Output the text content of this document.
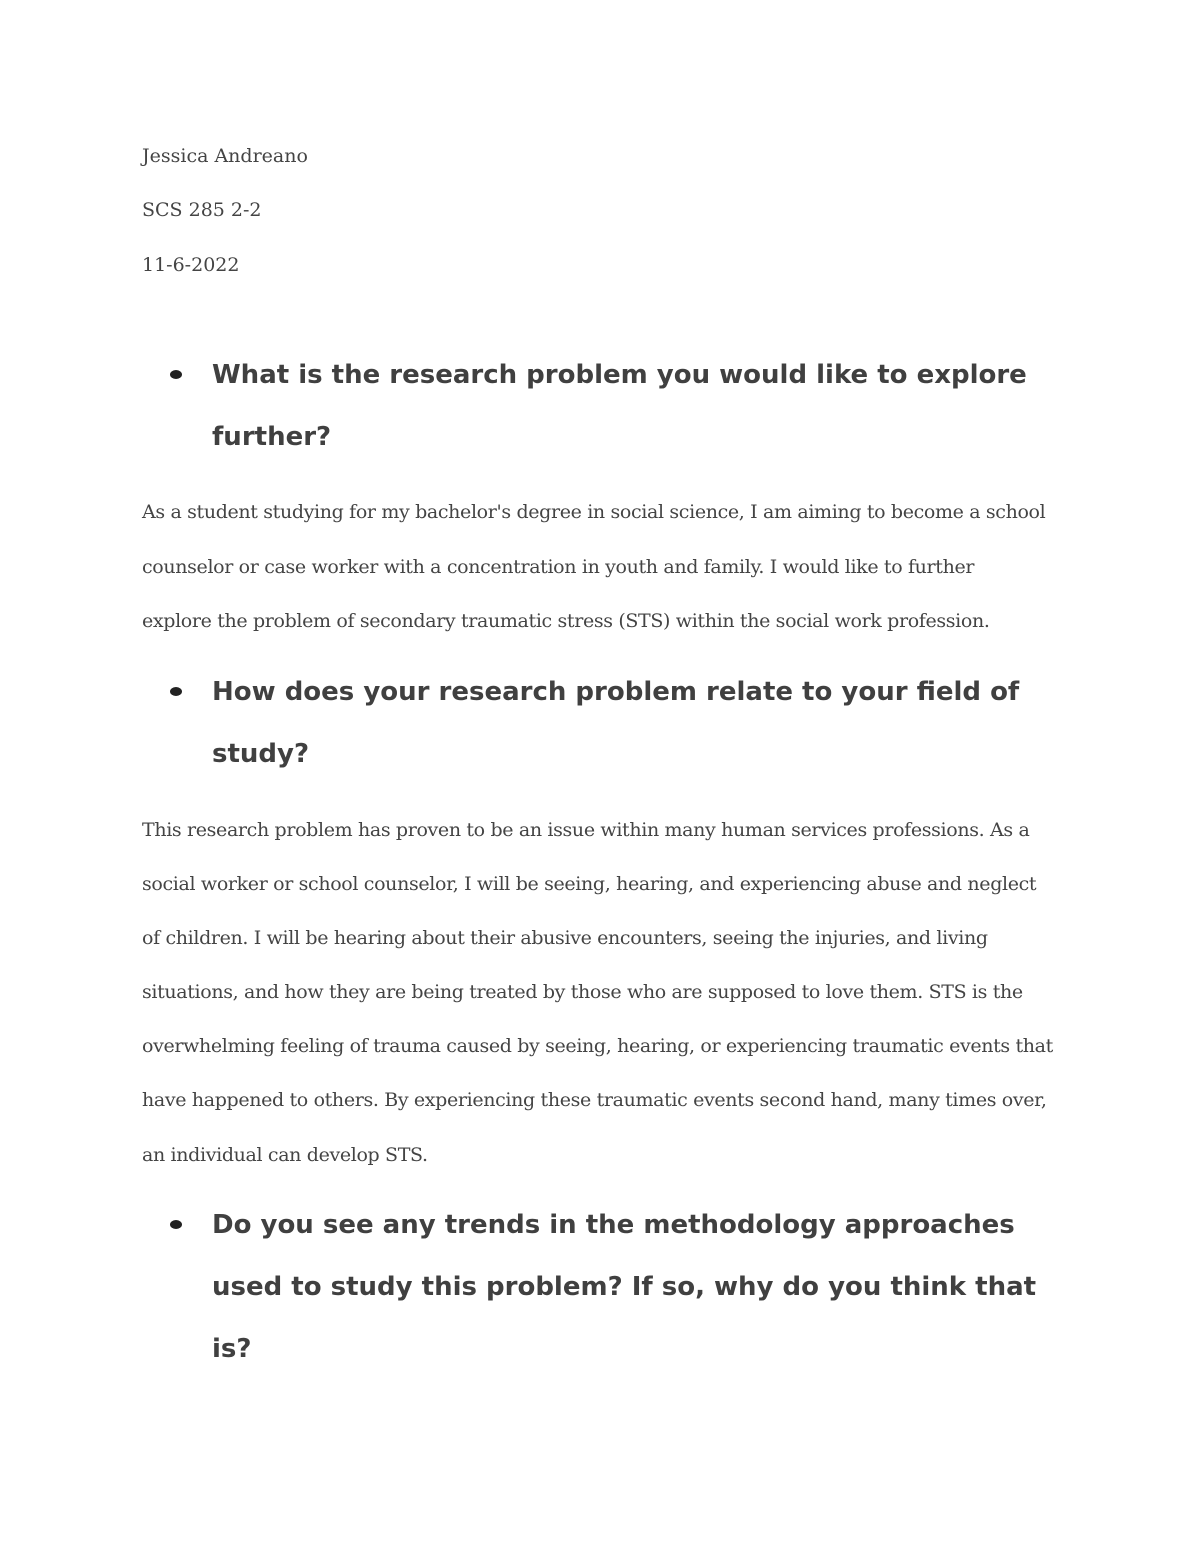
Jessica Andreano
SCS 285 2-2
11-6-2022
What is the research problem you would like to explore
further?
As a student studying for my bachelor's degree in social science, I am aiming to become a school
counselor or case worker with a concentration in youth and family. I would like to further
explore the problem of secondary traumatic stress (STS) within the social work profession.
How does your research problem relate to your field of
study?
This research problem has proven to be an issue within many human services professions. As a
social worker or school counselor, I will be seeing, hearing, and experiencing abuse and neglect
of children. I will be hearing about their abusive encounters, seeing the injuries, and living
situations, and how they are being treated by those who are supposed to love them. STS is the
overwhelming feeling of trauma caused by seeing, hearing, or experiencing traumatic events that
have happened to others. By experiencing these traumatic events second hand, many times over,
an individual can develop STS.
Do you see any trends in the methodology approaches
used to study this problem? If so, why do you think that
is?
